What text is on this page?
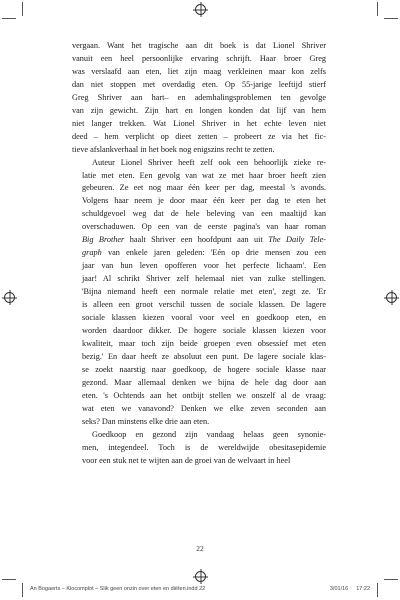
vergaan. Want het tragische aan dit boek is dat Lionel Shriver
vanuit een heel persoonlijke ervaring schrijft. Haar broer Greg
was verslaafd aan eten, liet zijn maag verkleinen maar kon zelfs
dan niet stoppen met overdadig eten. Op 55-jarige leeftijd stierf
Greg Shriver aan hart– en ademhalingsproblemen ten gevolge
van zijn gewicht. Zijn hart en longen konden dat lijf van hem
niet langer trekken. Wat Lionel Shriver in het echte leven niet
deed – hem verplicht op dieet zetten – probeert ze via het fic-
tieve afslankverhaal in het boek nog enigszins recht te zetten.

Auteur Lionel Shriver heeft zelf ook een behoorlijk zieke re-
latie met eten. Een gevolg van wat ze met haar broer heeft zien
gebeuren. Ze eet nog maar één keer per dag, meestal 's avonds.
Volgens haar neem je door maar één keer per dag te eten het
schuldgevoel weg dat de hele beleving van een maaltijd kan
overschaduwen. Op een van de eerste pagina's van haar roman
Big Brother haalt Shriver een hoofdpunt aan uit The Daily Tele-
graph van enkele jaren geleden: 'Eén op drie mensen zou een
jaar van hun leven opofferen voor het perfecte lichaam'. Een
jaar! Al schrikt Shriver zelf helemaal niet van zulke stellingen.
'Bijna niemand heeft een normale relatie met eten', zegt ze. 'Er
is alleen een groot verschil tussen de sociale klassen. De lagere
sociale klassen kiezen vooral voor veel en goedkoop eten, en
worden daardoor dikker. De hogere sociale klassen kiezen voor
kwaliteit, maar toch zijn beide groepen even obsessief met eten
bezig.' En daar heeft ze absoluut een punt. De lagere sociale klas-
se zoekt naarstig naar goedkoop, de hogere sociale klasse naar
gezond. Maar allemaal denken we bijna de hele dag door aan
eten. 's Ochtends aan het ontbijt stellen we onszelf al de vraag:
wat eten we vanavond? Denken we elke zeven seconden aan
seks? Dan minstens elke drie aan eten.

Goedkoop en gezond zijn vandaag helaas geen synonie-
men, integendeel. Toch is de wereldwijde obesitasepidemie
voor een stuk net te wijten aan de groei van de welvaart in heel

22
An Bogaerts – Klocomplot – Slik geen onzin over eten en diëten.indd 22	3/01/16 17:22
